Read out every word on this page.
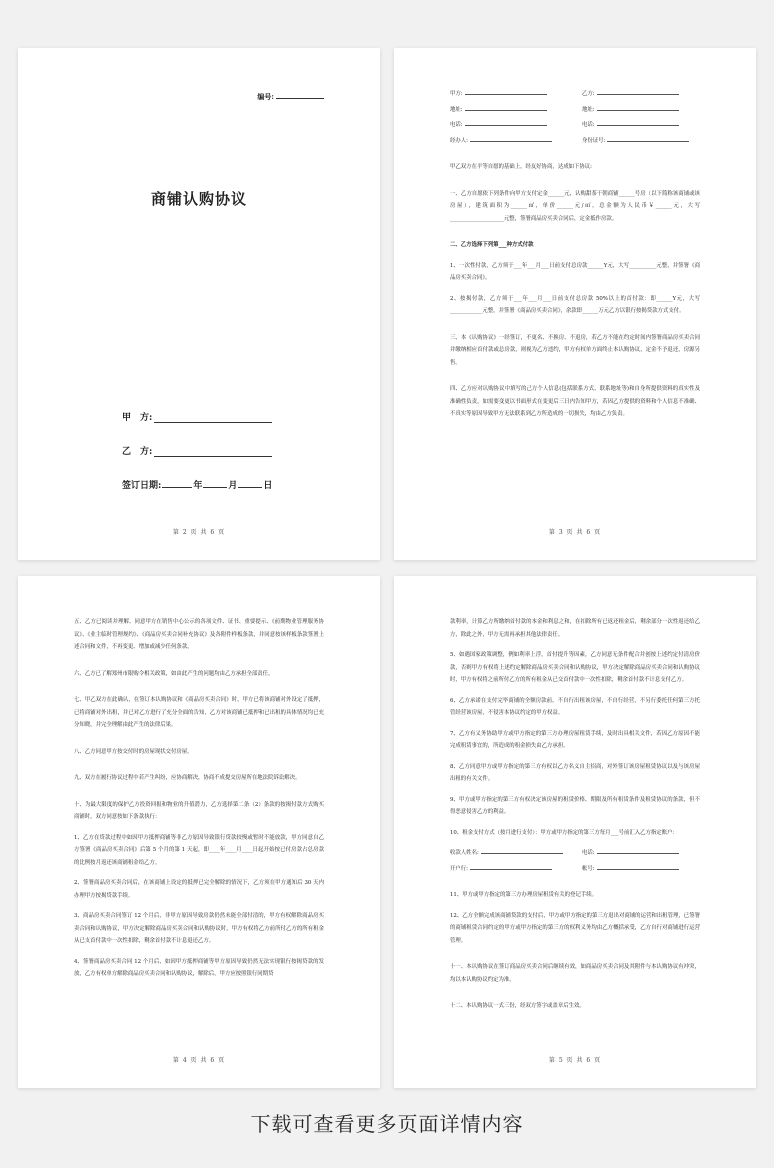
编号:
商铺认购协议
甲　方:
乙　方:
签订日期:	年	月	日
第 2 页 共 6 页
甲方:	乙方:
地址:	地址:
电话:	电话:
经办人:	身份证号:

甲乙双方在平等自愿的基础上，经友好协商，达成如下协议:

一、乙方自愿依下列条件向甲方支付定金______元，认购甜茶干朝商铺______号房（以下简称该商铺或该房屋），建筑面积为______㎡，单价______元/㎡，总金额为人民币￥______元，大写____________________元整，签署商品房买卖合同后，定金抵作房款。

二、乙方选择下列第___种方式付款

1、一次性付款，乙方须于___年___月___日前支付总房款______Y元，大写__________元整，并签署《商品房买卖合同》。

2、按揭付款，乙方须于___年___月___日前支付总房款 50%以上的首付款：即______Y元，大写____________元整，并签署《商品房买卖合同》，余款即______万元乙方以银行按揭贷款方式支付。

三、本《认购协议》一经签订，不更名、不换房、不退房，若乙方不能在约定时间内签署商品房买卖合同并缴纳相应首付款或总房款，则视为乙方违约，甲方有权单方面终止本认购协议，定金不予退还，房源另售。

四、乙方应对认购协议中填写的己方个人信息(包括联系方式、联系地址等)和自身所提供资料的真实性及准确性负责，如需要变更以书面形式在变更后三日内告知甲方，若因乙方提供的资料和个人信息不准确、不真实等原因导致甲方无法联系到乙方所造成的一切损失，均由乙方负责。

第 3 页 共 6 页

五、乙方已阅读并理解、同意甲方在销售中心公示的各项文件、证书、重要提示、《前期物业管理服务协议》、《业主临时管理规约》、《商品房买卖合同补充协议》及各附件样板条款，并同意按该样板条款签署上述合同和文件，不再变更、增加或减少任何条款。

六、乙方已了解郑州市限购令相关政策，如由此产生的问题均由乙方承担全部责任。

七、甲乙双方在此确认，在签订本认购协议和《商品房买卖合同》时，甲方已将该商铺对外设定了抵押，已将商铺对外出租，并已对乙方进行了充分全面的告知，乙方对该商铺已抵押和已出租的具体情况均已充分知晓，并完全理解由此产生的法律后果。

八、乙方同意甲方按交付时的房屋现状交付房屋。

九、双方在履行协议过程中若产生纠纷，应协商解决，协商不成提交房屋所在地法院诉讼解决。

十、为最大限度的保护乙方投资回报和物业的升值潜力，乙方选择第二条（2）条款的按揭付款方式购买商铺时，双方同意按如下条款执行：

1、乙方在贷款过程中如因甲方抵押商铺等非乙方原因导致银行贷款较慢或暂时不能放款，甲方同意自乙方签署《商品房买卖合同》后第 5 个月的第 1 天起，即____年____月____日起开始按已付房款占总房款的比例按月返还该商铺租金给乙方。

2、签署商品房买卖合同后，在该商铺上设定的抵押已完全解除的情况下，乙方须在甲方通知后 30 天内办理甲方按揭贷款手续。

3、商品房买卖合同签订 12 个月后，非甲方原因导致房款仍然未能全部付清的，甲方有权解除商品房买卖合同和认购协议，甲方决定解除商品房买卖合同和认购协议时，甲方有权将乙方前所付乙方的所有租金从已支首付款中一次性扣除，剩余首付款不计息退还乙方。

4、签署商品房买卖合同 12 个月后，如因甲方抵押商铺等甲方原因导致仍然无法实现银行按揭贷款的发放，乙方有权单方解除商品房买卖合同和认购协议，解除后，甲方应按照银行同期贷

第 4 页 共 6 页

款利率，计算乙方所缴纳首付款的本金和利息之和，在扣除所有已返还租金后，剩余部分一次性返还给乙方，除此之外，甲方无需再承担其他法律责任。

5、如遇国家政策调整，例如利率上浮，首付提升等因素，乙方同意无条件配合并创按上述约定付清房价款，否则甲方有权将上述约定解除商品房买卖合同和认购协议，甲方决定解除商品房买卖合同和认购协议时，甲方有权将之前所付乙方的所有租金从已交首付款中一次性扣除，剩余首付款不计息支付乙方。

6、乙方承诺在支付完毕商铺的全额房款前，不自行出租该房屋，不自行经营，不另行委托任何第三方托管经营该房屋，不侵害本协议约定的甲方权益。

7、乙方有义务协助甲方或甲方指定的第三方办理房屋租赁手续，及时出具相关文件，若因乙方原因不能完成租赁事宜的，所造成的租金损失由乙方承担。

8、乙方同意甲方或甲方指定的第三方有权以乙方名义自主招商，对外签订该房屋租赁协议以及与该房屋出租的有关文件。

9、甲方或甲方指定的第三方有权决定该房屋的租赁价格、期限及所有租赁条件及租赁协议的条款，但不得恶意侵害乙方的利益。

10、租金支付方式（按月进行支付）：甲方或甲方指定的第三方每月___号前汇入乙方指定账户：

收款人姓名:	电话:
开户行:	帐号:

11、甲方或甲方指定的第三方办理房屋租赁有关的登记手续。

12、乙方全额完成该商铺贷款的支付后，甲方或甲方指定的第三方退出对商铺的运营和出租管理，已签署的商铺租赁合同约定的甲方或甲方指定的第三方的权利义务均由乙方概括承受，乙方自行对商铺进行运营管理。

十一、本认购协议在签订商品房买卖合同后继续有效，如商品房买卖合同及其附件与本认购协议有冲突，均以本认购协议约定为准。

十二、本认购协议一式三份，经双方签字或盖章后生效。

第 5 页 共 6 页
下载可查看更多页面详情内容
